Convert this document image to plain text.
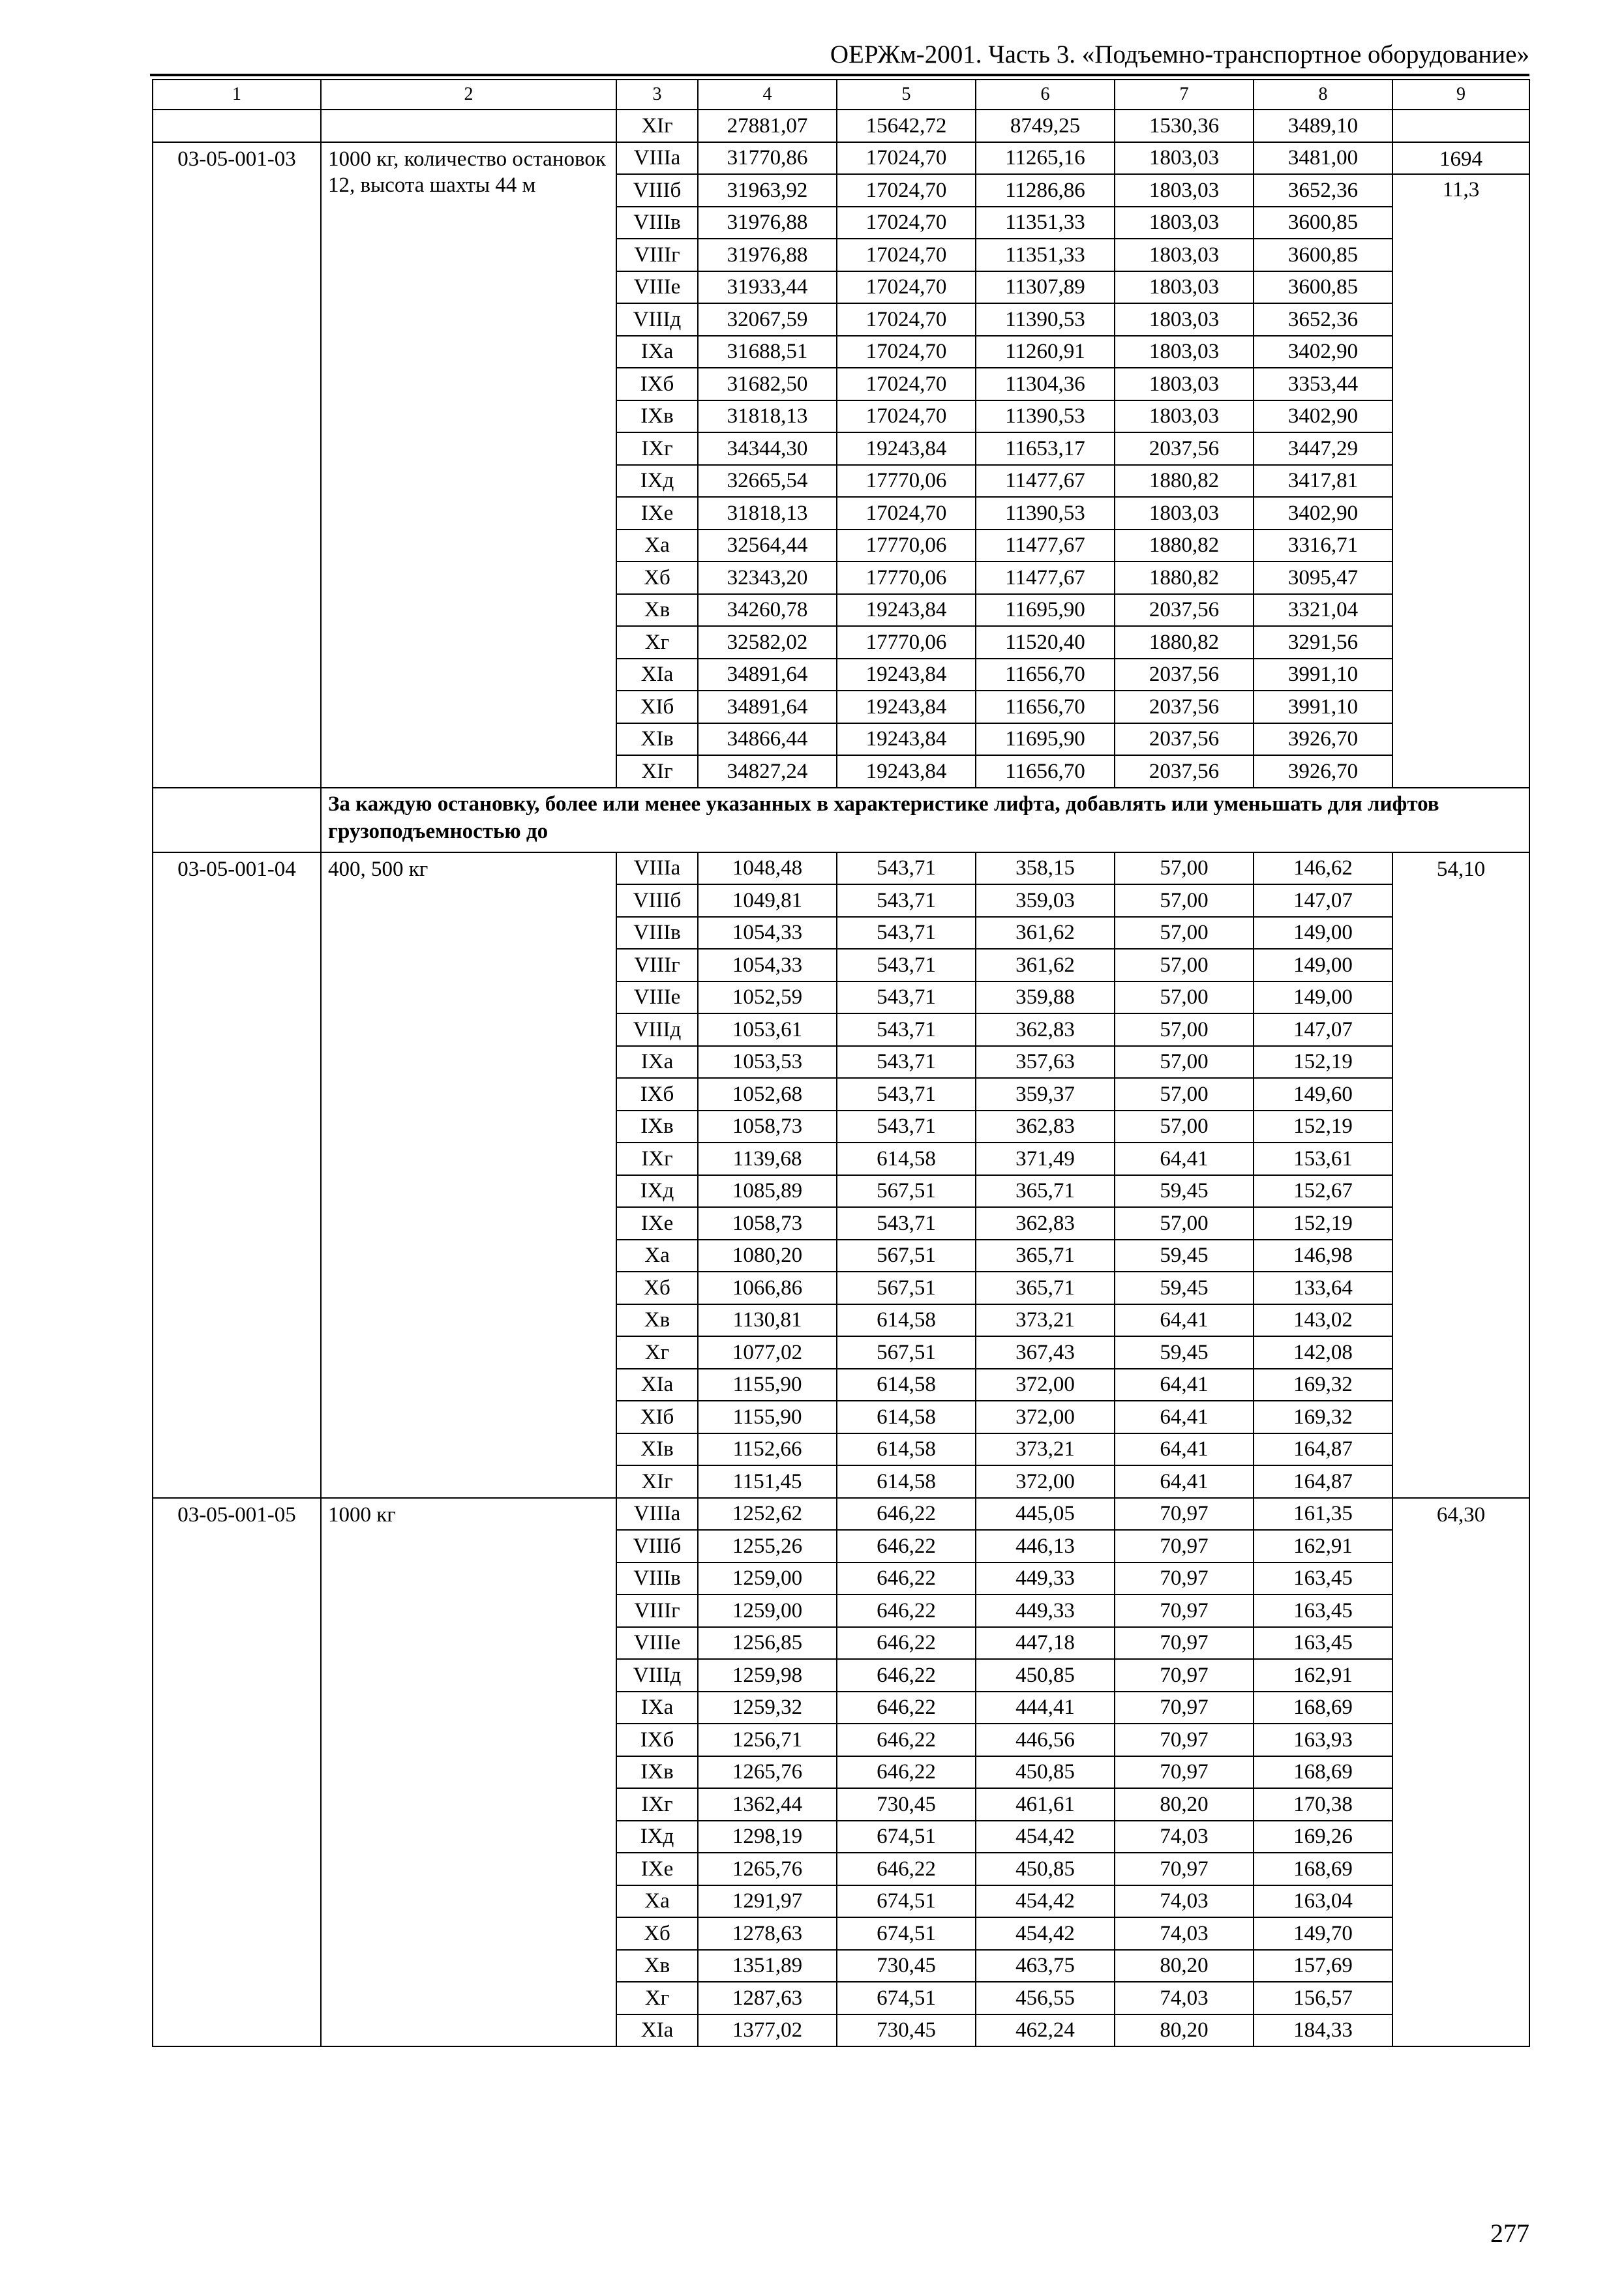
ОЕРЖм-2001. Часть 3. «Подъемно-транспортное оборудование»
1	2	3	4	5	6	7	8	9
		XIг	27881,07	15642,72	8749,25	1530,36	3489,10	
03-05-001-03	1000 кг, количество остановок 12, высота шахты 44 м	VIIIа	31770,86	17024,70	11265,16	1803,03	3481,00	1694
		VIIIб	31963,92	17024,70	11286,86	1803,03	3652,36	11,3
		VIIIв	31976,88	17024,70	11351,33	1803,03	3600,85	
		VIIIг	31976,88	17024,70	11351,33	1803,03	3600,85	
		VIIIе	31933,44	17024,70	11307,89	1803,03	3600,85	
		VIIIд	32067,59	17024,70	11390,53	1803,03	3652,36	
		IXа	31688,51	17024,70	11260,91	1803,03	3402,90	
		IXб	31682,50	17024,70	11304,36	1803,03	3353,44	
		IXв	31818,13	17024,70	11390,53	1803,03	3402,90	
		IXг	34344,30	19243,84	11653,17	2037,56	3447,29	
		IXд	32665,54	17770,06	11477,67	1880,82	3417,81	
		IXе	31818,13	17024,70	11390,53	1803,03	3402,90	
		Xа	32564,44	17770,06	11477,67	1880,82	3316,71	
		Xб	32343,20	17770,06	11477,67	1880,82	3095,47	
		Xв	34260,78	19243,84	11695,90	2037,56	3321,04	
		Xг	32582,02	17770,06	11520,40	1880,82	3291,56	
		XIа	34891,64	19243,84	11656,70	2037,56	3991,10	
		XIб	34891,64	19243,84	11656,70	2037,56	3991,10	
		XIв	34866,44	19243,84	11695,90	2037,56	3926,70	
		XIг	34827,24	19243,84	11656,70	2037,56	3926,70	
	За каждую остановку, более или менее указанных в характеристике лифта, добавлять или уменьшать для лифтов грузоподъемностью до							
03-05-001-04	400, 500 кг	VIIIа	1048,48	543,71	358,15	57,00	146,62	54,10
		VIIIб	1049,81	543,71	359,03	57,00	147,07	
		VIIIв	1054,33	543,71	361,62	57,00	149,00	
		VIIIг	1054,33	543,71	361,62	57,00	149,00	
		VIIIе	1052,59	543,71	359,88	57,00	149,00	
		VIIIд	1053,61	543,71	362,83	57,00	147,07	
		IXа	1053,53	543,71	357,63	57,00	152,19	
		IXб	1052,68	543,71	359,37	57,00	149,60	
		IXв	1058,73	543,71	362,83	57,00	152,19	
		IXг	1139,68	614,58	371,49	64,41	153,61	
		IXд	1085,89	567,51	365,71	59,45	152,67	
		IXе	1058,73	543,71	362,83	57,00	152,19	
		Xа	1080,20	567,51	365,71	59,45	146,98	
		Xб	1066,86	567,51	365,71	59,45	133,64	
		Xв	1130,81	614,58	373,21	64,41	143,02	
		Xг	1077,02	567,51	367,43	59,45	142,08	
		XIа	1155,90	614,58	372,00	64,41	169,32	
		XIб	1155,90	614,58	372,00	64,41	169,32	
		XIв	1152,66	614,58	373,21	64,41	164,87	
		XIг	1151,45	614,58	372,00	64,41	164,87	
03-05-001-05	1000 кг	VIIIа	1252,62	646,22	445,05	70,97	161,35	64,30
		VIIIб	1255,26	646,22	446,13	70,97	162,91	
		VIIIв	1259,00	646,22	449,33	70,97	163,45	
		VIIIг	1259,00	646,22	449,33	70,97	163,45	
		VIIIе	1256,85	646,22	447,18	70,97	163,45	
		VIIIд	1259,98	646,22	450,85	70,97	162,91	
		IXа	1259,32	646,22	444,41	70,97	168,69	
		IXб	1256,71	646,22	446,56	70,97	163,93	
		IXв	1265,76	646,22	450,85	70,97	168,69	
		IXг	1362,44	730,45	461,61	80,20	170,38	
		IXд	1298,19	674,51	454,42	74,03	169,26	
		IXе	1265,76	646,22	450,85	70,97	168,69	
		Xа	1291,97	674,51	454,42	74,03	163,04	
		Xб	1278,63	674,51	454,42	74,03	149,70	
		Xв	1351,89	730,45	463,75	80,20	157,69	
		Xг	1287,63	674,51	456,55	74,03	156,57	
		XIа	1377,02	730,45	462,24	80,20	184,33	
277
